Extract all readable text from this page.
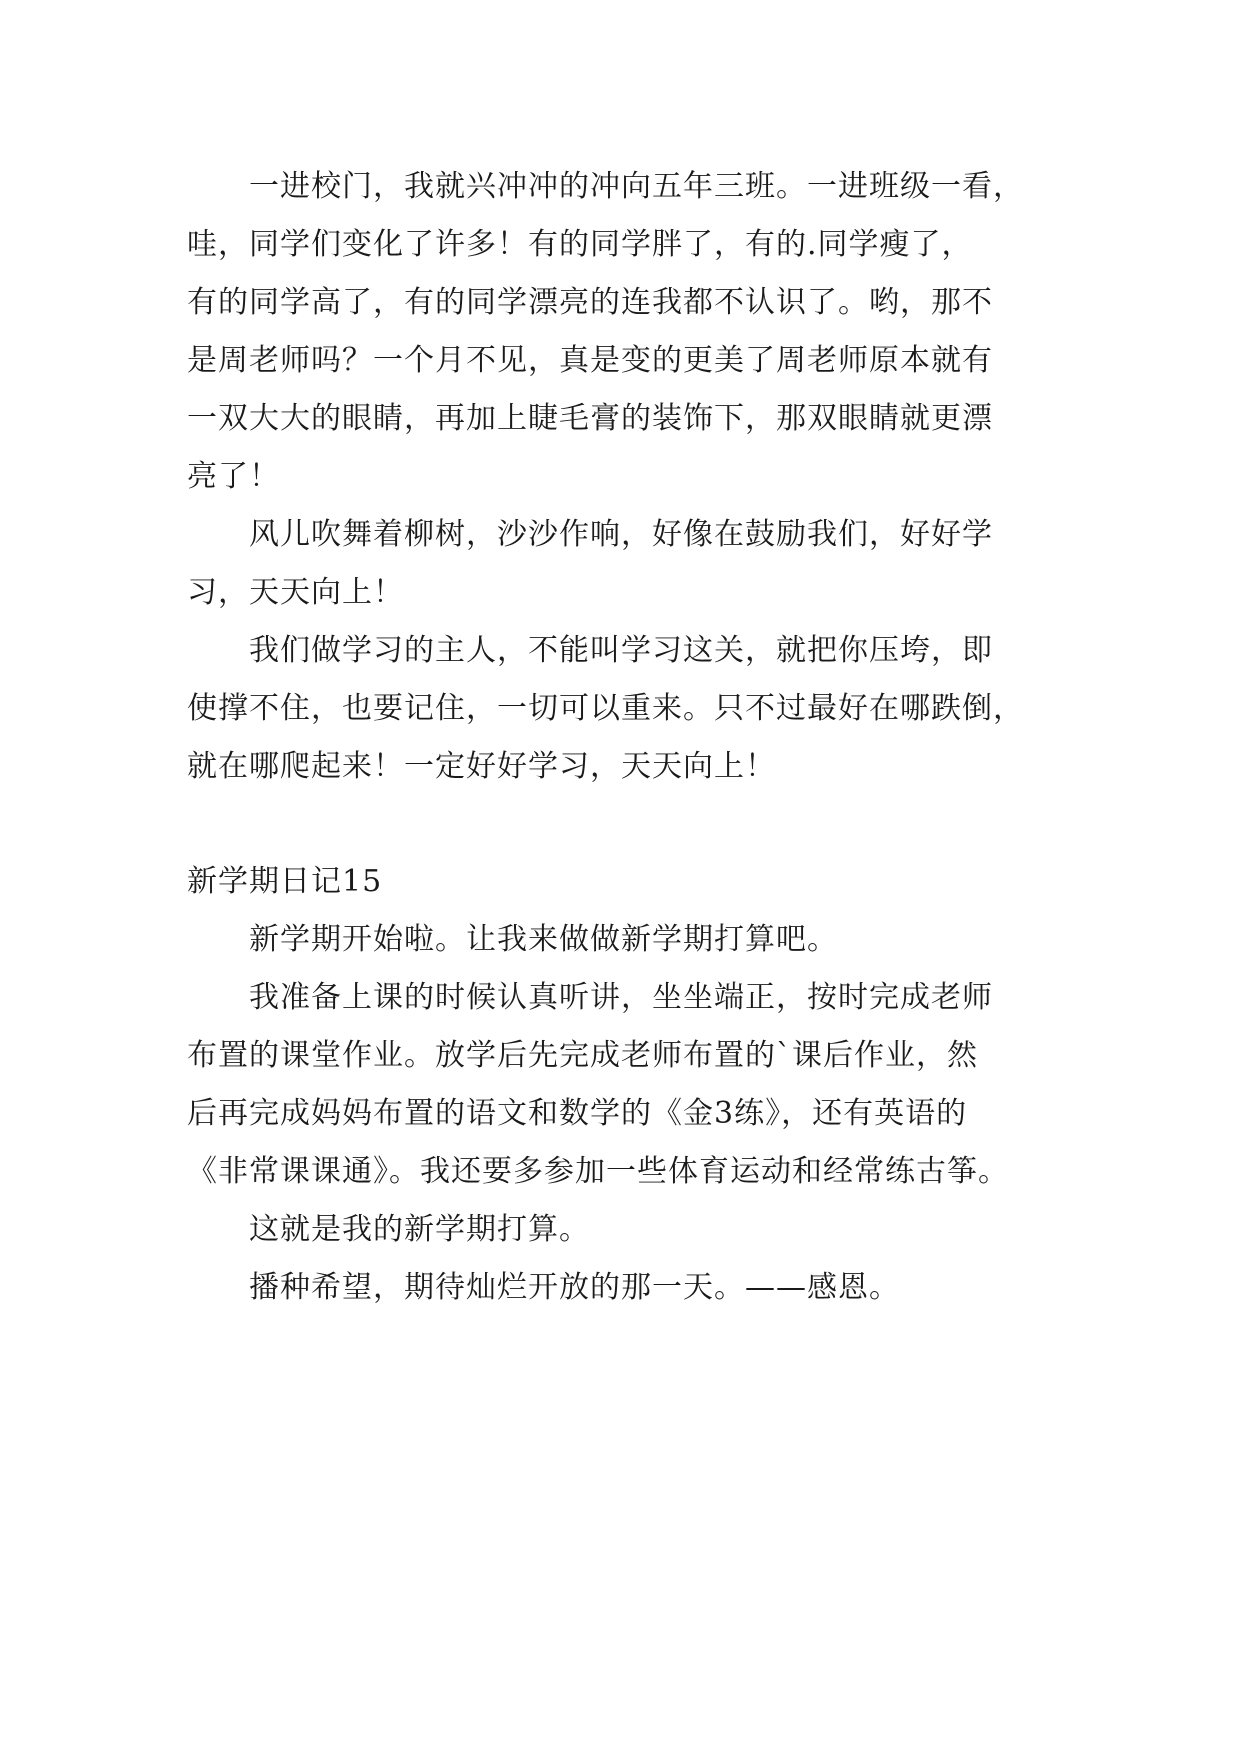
一进校门，我就兴冲冲的冲向五年三班。一进班级一看，
哇，同学们变化了许多！有的同学胖了，有的.同学瘦了，
有的同学高了，有的同学漂亮的连我都不认识了。哟，那不
是周老师吗？一个月不见，真是变的更美了周老师原本就有
一双大大的眼睛，再加上睫毛膏的装饰下，那双眼睛就更漂
亮了！
风儿吹舞着柳树，沙沙作响，好像在鼓励我们，好好学
习，天天向上！
我们做学习的主人，不能叫学习这关，就把你压垮，即
使撑不住，也要记住，一切可以重来。只不过最好在哪跌倒，
就在哪爬起来！一定好好学习，天天向上！
新学期日记15
新学期开始啦。让我来做做新学期打算吧。
我准备上课的时候认真听讲，坐坐端正，按时完成老师
布置的课堂作业。放学后先完成老师布置的`课后作业，然
后再完成妈妈布置的语文和数学的《金3练》，还有英语的
《非常课课通》。我还要多参加一些体育运动和经常练古筝。
这就是我的新学期打算。
播种希望，期待灿烂开放的那一天。——感恩。
